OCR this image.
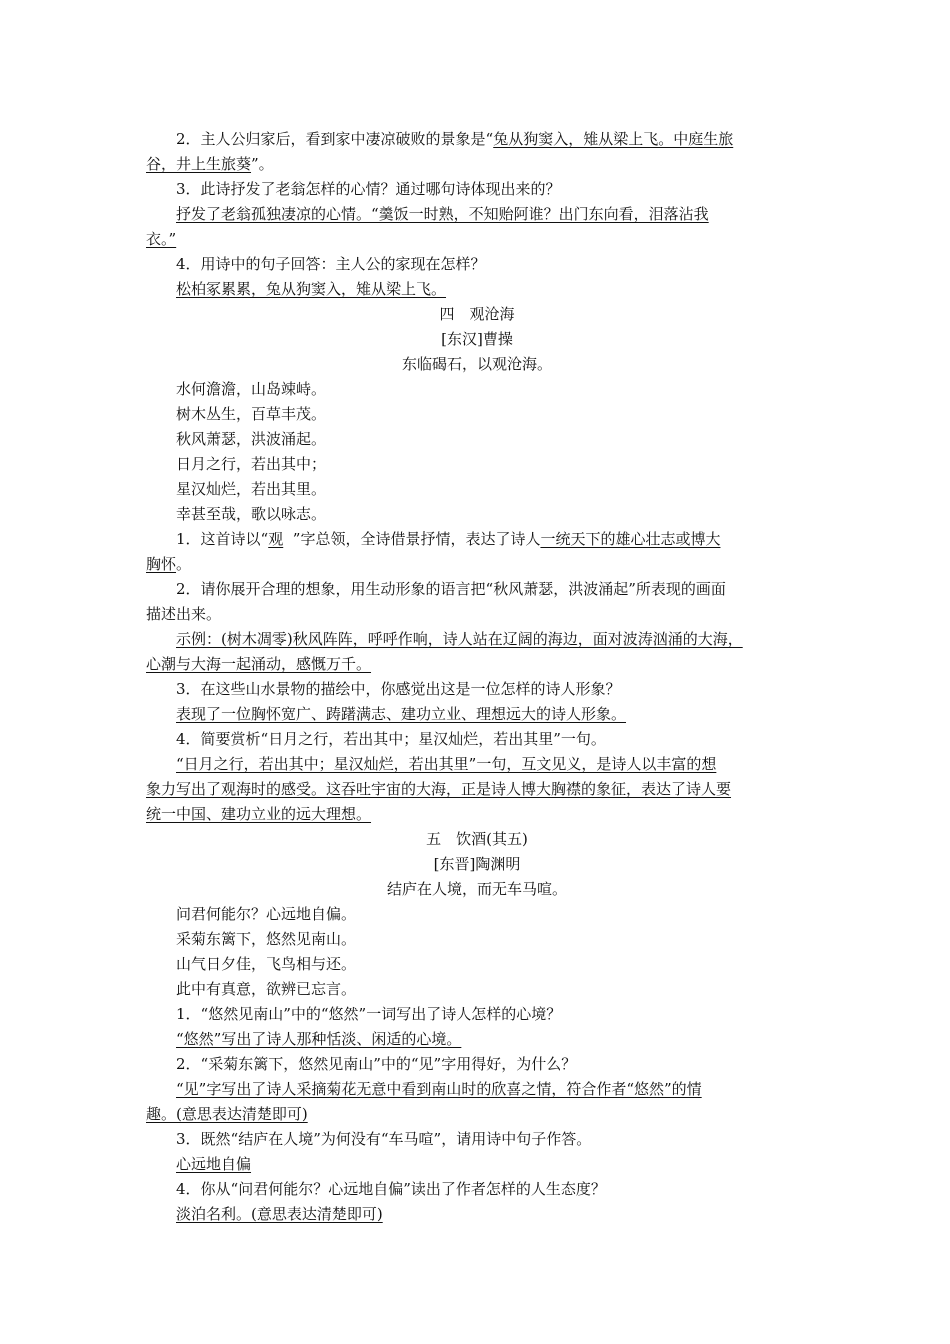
2．主人公归家后，看到家中凄凉破败的景象是“兔从狗窦入，雉从梁上飞。中庭生旅
谷，井上生旅葵”。
3．此诗抒发了老翁怎样的心情？通过哪句诗体现出来的？
抒发了老翁孤独凄凉的心情。“羹饭一时熟，不知贻阿谁？出门东向看，泪落沾我
衣。”
4．用诗中的句子回答：主人公的家现在怎样？
松柏冢累累，兔从狗窦入，雉从梁上飞。
四　观沧海
[东汉]曹操
东临碣石，以观沧海。
水何澹澹，山岛竦峙。
树木丛生，百草丰茂。
秋风萧瑟，洪波涌起。
日月之行，若出其中；
星汉灿烂，若出其里。
幸甚至哉，歌以咏志。
1．这首诗以“观 ”字总领，全诗借景抒情，表达了诗人一统天下的雄心壮志或博大
胸怀。
2．请你展开合理的想象，用生动形象的语言把“秋风萧瑟，洪波涌起”所表现的画面
描述出来。
示例：(树木凋零)秋风阵阵，呼呼作响，诗人站在辽阔的海边，面对波涛汹涌的大海，
心潮与大海一起涌动，感慨万千。
3．在这些山水景物的描绘中，你感觉出这是一位怎样的诗人形象？
表现了一位胸怀宽广、踌躇满志、建功立业、理想远大的诗人形象。
4．简要赏析“日月之行，若出其中；星汉灿烂，若出其里”一句。
“日月之行，若出其中；星汉灿烂，若出其里”一句，互文见义，是诗人以丰富的想
象力写出了观海时的感受。这吞吐宇宙的大海，正是诗人博大胸襟的象征，表达了诗人要
统一中国、建功立业的远大理想。
五　饮酒(其五)
[东晋]陶渊明
结庐在人境，而无车马喧。
问君何能尔？心远地自偏。
采菊东篱下，悠然见南山。
山气日夕佳，飞鸟相与还。
此中有真意，欲辨已忘言。
1．“悠然见南山”中的“悠然”一词写出了诗人怎样的心境？
“悠然”写出了诗人那种恬淡、闲适的心境。
2．“采菊东篱下，悠然见南山”中的“见”字用得好，为什么？
“见”字写出了诗人采摘菊花无意中看到南山时的欣喜之情，符合作者“悠然”的情
趣。(意思表达清楚即可)
3．既然“结庐在人境”为何没有“车马喧”，请用诗中句子作答。
心远地自偏
4．你从“问君何能尔？心远地自偏”读出了作者怎样的人生态度？
淡泊名利。(意思表达清楚即可)
